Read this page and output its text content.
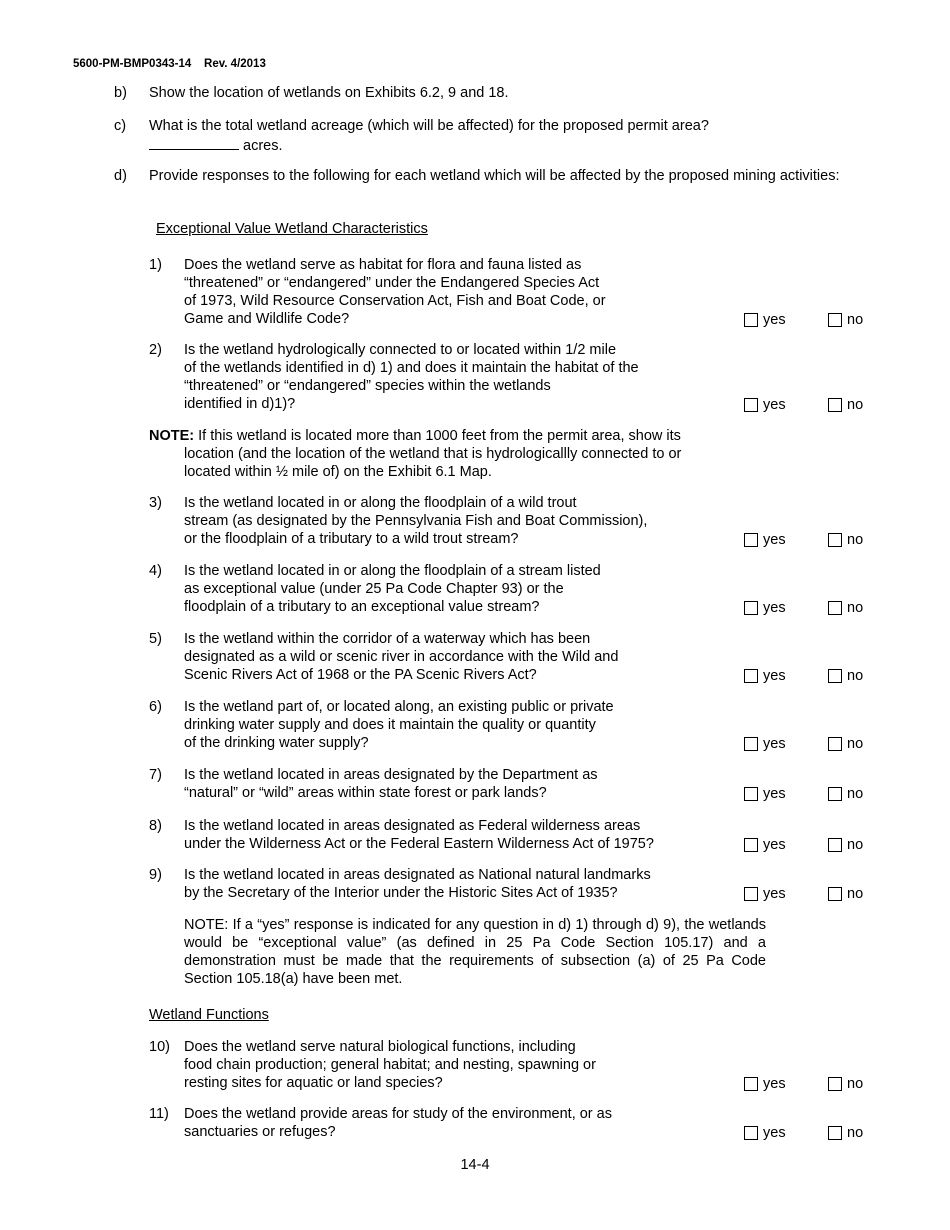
5600-PM-BMP0343-14 Rev. 4/2013
b) Show the location of wetlands on Exhibits 6.2, 9 and 18.
c) What is the total wetland acreage (which will be affected) for the proposed permit area?
acres.
d) Provide responses to the following for each wetland which will be affected by the proposed mining activities:
Exceptional Value Wetland Characteristics
1) Does the wetland serve as habitat for flora and fauna listed as
“threatened” or “endangered” under the Endangered Species Act
of 1973, Wild Resource Conservation Act, Fish and Boat Code, or
Game and Wildlife Code?	yes	no
2) Is the wetland hydrologically connected to or located within 1/2 mile
of the wetlands identified in d) 1) and does it maintain the habitat of the
“threatened” or “endangered” species within the wetlands
identified in d)1)?	yes	no
3) Is the wetland located in or along the floodplain of a wild trout
stream (as designated by the Pennsylvania Fish and Boat Commission),
or the floodplain of a tributary to a wild trout stream?	yes	no
4) Is the wetland located in or along the floodplain of a stream listed
as exceptional value (under 25 Pa Code Chapter 93) or the
floodplain of a tributary to an exceptional value stream?	yes	no
5) Is the wetland within the corridor of a waterway which has been
designated as a wild or scenic river in accordance with the Wild and
Scenic Rivers Act of 1968 or the PA Scenic Rivers Act?	yes	no
6) Is the wetland part of, or located along, an existing public or private
drinking water supply and does it maintain the quality or quantity
of the drinking water supply?	yes	no
7) Is the wetland located in areas designated by the Department as
“natural” or “wild” areas within state forest or park lands?	yes	no
8) Is the wetland located in areas designated as Federal wilderness areas
under the Wilderness Act or the Federal Eastern Wilderness Act of 1975?	yes	no
9) Is the wetland located in areas designated as National natural landmarks
by the Secretary of the Interior under the Historic Sites Act of 1935?	yes	no
10) Does the wetland serve natural biological functions, including
food chain production; general habitat; and nesting, spawning or
resting sites for aquatic or land species?	yes	no
11) Does the wetland provide areas for study of the environment, or as
sanctuaries or refuges?	yes	no
NOTE: If this wetland is located more than 1000 feet from the permit area, show its
location (and the location of the wetland that is hydrologicallly connected to or
located within ½ mile of) on the Exhibit 6.1 Map.
NOTE: If a “yes” response is indicated for any question in d) 1) through d) 9), the wetlands would be “exceptional value” (as defined in 25 Pa Code Section 105.17) and a demonstration must be made that the requirements of subsection (a) of 25 Pa Code Section 105.18(a) have been met.
Wetland Functions
14-4
